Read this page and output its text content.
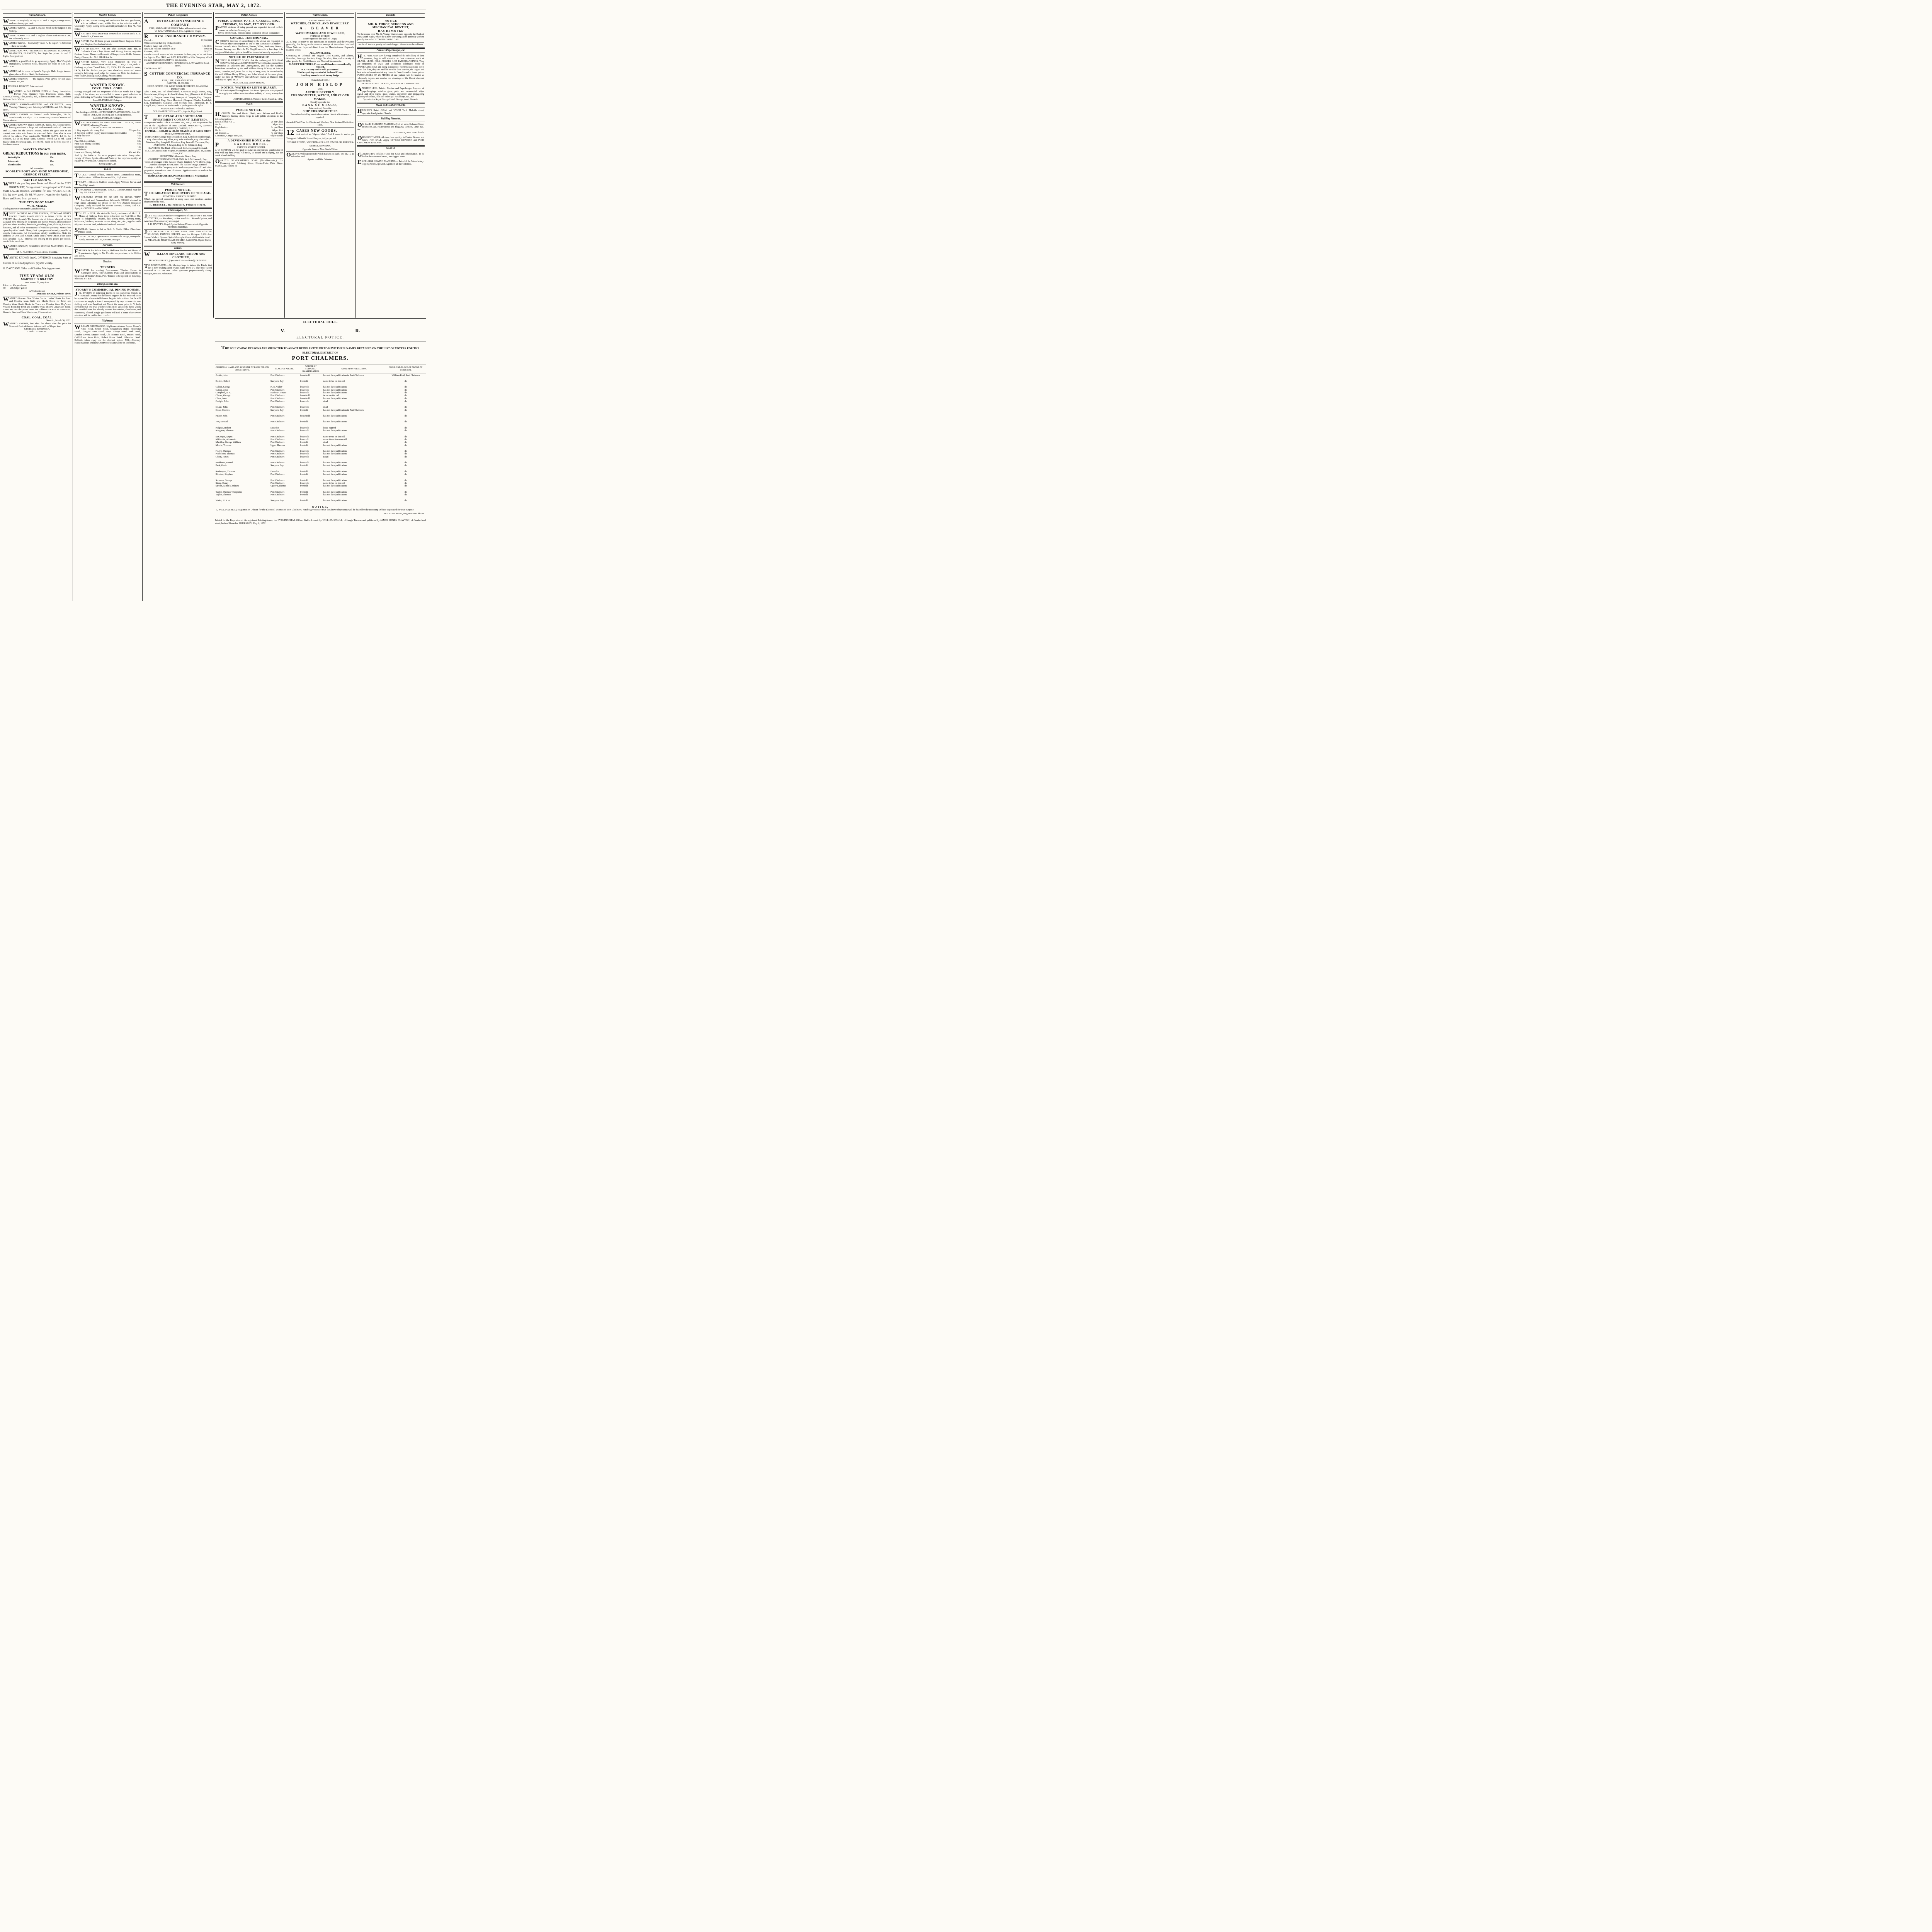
THE EVENING STAR, MAY 2, 1872.
Wanted Known.

WANTED Everybody to Buy at A. and T. Inglis, George street, and save twenty per cent.

WANTED Known.—A. and T. Inglis's Stock is the largest in the Colony.

WANTED Known.—A. and T. Inglis's Elastic Side Boots at 20s, are universally worn.

WANTED Known.—Everybody wears A. T. Inglis's 4s 6d Shoes—their own make.

WANTED KNOWN.—BLANKETS, BLANKETS, BLANKETS, BLANKETS, BLANKETS; last Septe ber prices. A. and T. Inglis, George street.

WANTED, a good Cook to go up country. Apply, Mrs Wingfield Humphreys, Criterion Hotel, between the hours of 9.30 a.m., and 11 a.m.

WANTED All to come to Lyons's Olympic Hall. Songs, dances, glees, duetts. Union Hotel, Stafford-street.

WANTED KNOWN. — The highest Price given for old Lead, Pewter, &c, &c.

HUGHES & HARVEY, Princes-street.

WANTED to Sell DRAIN PIPES of Every description, Flower Pots, Chimney Tops, Fountains, Vases, Butts, Crocks, Flooring Tiles, Bricks, &c., at lowest current rates. Lambert's Water of Leith Works.

WANTED KNOWN.—MUFFINS and CRUMPETS, every Tuesday, Thursday, and Saturday. MORRELL and CO., George street.

WANTED KNOWN. — Colonial made Watertights, 16s 6d; Scotch made, 13s 6d; at GEO. HARRIS'S, corner of Princes and Manse streets.

WANTED KNOWN that E. STOKES, Tailor, &c., George street, having purchased a large and well-assorted stock of TWEEDS and CLOTHS for the present season, before the great rise in the market, can make suits lower in price and better than what is now offered by others. Fine serviceable TWEED SUITS, L3 0s 0d; Trousers, L1 0s 0d. Boys' Suits, Colonial Tweed, L1 5s 0d. Super Black Cloth, Mourning Suits, L4 10s 0d., made in the best style in a few hours notice.

WANTED KNOWN.

GREAT REDUCTIONS in our own make.

Watertights	20s.
Balmorals	20s.
Elastic Sides	20s.

All warranted.

SCOBLE'S BOOT AND SHOE WAREHOUSE, GEORGE STREET.

WANTED KNOWN.

WHERE do you Buy your Boots and Shoes? At the CITY BOOT MART, George street: I can get a pair of Colonial-Made LACED BOOTS, warranted for 15s; WATERTIGHTS, 15s 6d; very good, 17s 6d. Whatever I want for the Family in Boots and Shoes, I can get best at

THE CITY BOOT MART.

W. H. NEALE.

The big Hammer constantly Manufacturing.

MONEY! MONEY! WANTED KNOWN, LYONS and HART'S UNCLE TOM'S PAWN OFFICE is NOW OPEN, FLEET STREET, (late Arcade). The lowest rate of interest charged in New Zealand: One Shilling in the pound per month. Money advanced upon gold and silver watches, diamonds, jewellery, plate, clothing, furniture, firearms, and all other descriptions of valuable property. Money lent upon deposit of deeds. Money lent upon personal security payable by weekly instalments. All transactions strictly confidential. Note the address: LYONS and HARTS Uncle Tom's Pawn Office, Fleet street (late Arcade)—N.B.—Interest one shilling in the pound per month, one half the usual rate.

WANTED KNOWN, SINGER'S SEWING MACHINES. Prices reduced.

M. A. ALDRICH, Princes-street, Dunedin.

WANTED KNOWN that G. DAVIDSON is making Suits of Clothes on deferred payments, payable weekly.

G. DAVIDSON, Tailor and Clothier, Maclaggan street.

FIVE YEARS OLD!

MARTELL'S BRANDY

Five Years Old, very fine.

Price - - - 48s per dozen.

Or - - - 22s 6d per gallon

A Trial solicited,

ROBERT BANKS, Princes-street.

WANTED Known. New Winter Goods. Ladies' Boots for Town and Country wear. Girl's and Maid's Boots for Town and Country Wear. Gent's Boots for Town and Country Wear. Boy's and Youth's Boots for Town and Country Wear. Miner's Long Gum Boots. Come and see the prices Note the Address:—JOHN M'ANDRESS, Dunedin Boot and Shoe Warehouse, Princes-street.

COAL. COAL. COAL.

Dunedin, March 30, 1872.

WANTED KNOWN, that after the above date the price for Screened Coal, delivered in town, will be 50s per ton.

GEORGE S. BRODRICK.

J. and D. FINDLAY.

Wanted Known.

WANTED, Private Sitting and Bedrooms for Two gentlemen, with or without board, within five or ten minutes walk of University. Apply, stating terms and full particulars to Box 75, Post Office

WANTED to rent a Dairy near town with or without stock. S. R. Post office, Caversham.

WANTED, Two 10 horse-power portable Steam Engines. Gibbs and Clayton, Cumberland street.

WANTED KNOWN.—On and after Monday, April 8th, at Graham's Clear Chop House and Dining Rooms, opposite Custom House, Dinners will consist of Soups, Joints, Grills, Entrees, Pastry, Cheese, &c. ALL MEALS at 1s.

WANTED Known.—Very Great Reduction in price of Garments. Bannockburn Tweed Suits, L2 10s, L2 15s, and L3. Geelong very best Tweed Suits, L3, L3 5s, L3 10s; made to order, L4 5s, L4 10s. Before you purchase elsewhere, come and see—seeing is believing—and judge for yourselves. Note the Address—Free Trade Clothing Mart, Cutting, Princes-street.

JOHN GALLAGHER.

WANTED KNOWN.

COKE. COKE. COKE.

Having arranged with the Proprietor of the Gas Works for a large supply of the above, we are enabled to make a great reduction in price, delivering in Town for Household Purposes at 40s per ton.

J. and D. FINDLAY, Octagon.

WANTED KNOWN.

COAL. COAL. COAL.

Just landing, ex P.C.E., 400 TONS NEWCASTLE COAL. Also 12 tons of COKE, for smelting and malting purposes.

J. and D. FINDLAY, Octagon.

WANTED KNOWN, the WINE AND SPIRIT VAULTS, HIGH STREET, adjoining Theatre.

GOOD CHEAP GENUINE WINES.

1. Very superior old tawny Port	72s per doz.
2. Superior old Port (highly recommended for invalids)	60s
3. Very fine Port	42s
4. Ditto	30s
Fine Old Amontillado	84s
First-class Sherry (old dry)	60s
Second do do	42s
Third do do	30s
Lorne and Glenury Whisky	42s and 48s.

And by the bottle at the same proportionate rates. Every other variety of Wines, Spirits, Ales and Porter of the very best quality, at equally LOW PRICES. Competition defied.

JOHN SIBBALD.

To Let.

TO LET.—Central Offices, Princes street. Commodious Store, Walker street. William Brown and Co., High street.

TO LET.—Offices in Stafford street. Apply William Brown and Co., High street.

TO MARKET GARDENERS. TO LET, Garden Ground, near the City. GILLIES & STREET.

WHOLESALE STORE TO BE LET ON LEASE. THAT Excellent and Commodious Wholesale STORE situated in High street, adjoining the offices of the New Zealand Insurance Company, lately occupied by Messrs Service, Gibson, and Co. Apply to CONNELL and MOODIE.

TO LET or SELL, the desirable Family residence of Mr H. P. Morse, at Halfway Bush, three miles from the Post Office. The house is delightfully situated, has dining-room, drawing-room, bedrooms, kitchens, servants rooms, dairy, &c., &c., together with fifty-two acres of land, subdivided and well watered.

SEVERAL Houses to Let or Sell. E. Quick, Eldon Chambers, Princes street.

TO SELL, or Let, a Quarter-acre Section and Cottage, Sunnyside. Apply, Peterson and Co., Grocers, Octagon.

For Sale.

FREEHOLD, for Sale at Roslyn, Half-acre Garden and Home of 5 apartments. Apply to Mr Christie, on premises, or to Gillies and Street.

Tenders.

TENDERS

WANTED for erecting Four-roomed Wooden House in Harrington-street, Port Chalmers. Plans and specifications to be seen at Mr Kettle's Store, Port. Tenders to be opened on Saturday, 4th May, at 7 p.m.

Dining Rooms, &c.

STORRY'S COMMERCIAL DINING ROOMS.

J.N. STORRY in returning thanks to his numerous friends in Town and Country for the liberal support he has received since he opened the above establishment begs to inform them that he still continues to supply a Lunch unsurpassed by any in town for one shilling, and also Breakfast and Tea at the same price. J. N. feels confident that one trial will be sufficient to uphold the fame which this Establishment has already attained for comfort, cleanliness, and superiority of food. Single gentlemen will find a home where every attention will be paid to their comfort.

Nightmen.

WILLIAM GREENWOOD, Nightman. Address Boxes: Queen's Arms Hotel, Union Hotel, Craigieburn Hotel, Provincial Hotel, Glasgow Arms Hotel, Royal George Hotel, York Hotel, London Tavern, Empire Hotel, Old Identity Hotel, Sussex Hotel, Oddfellows' Arms Hotel, Robert Burns Hotel, Hibernian Hotel. Rubbish taken away on the shortest notice. N.B.—Chimney sweeping done. William Greenwood's name alone on the boxes.

Public Companies

AUSTRALASIAN INSURANCE COMPANY.

FIRE, AND MARINE RISKS Taken at lowest current rates.

W. & G. TURNBULL & CO., Agents for Otago.

ROYAL INSURANCE COMPANY.

Capital ...	£2,000,000
With unlimited liability of shareholders.	
Funds in hand, end of 1870 ...	1,924,041
New Life Policies issued in 1870	600,548
Revenue, 1870 ...	783,771

See the Annual Report of the Directors for last year, to be had from the Agents. The FIRE and LIFE POLICIES of this Company afford the most Perfect SECURITY to the Assured.

AGENTS FOR DUNEDIN: HENDERSON, LAW and CO. Bond-street.

23rd October, 1871.

SCOTTISH COMMERCIAL INSURANCE CO.

FIRE, LIFE, AND ANNUITIES.

CAPITAL, £1,000,000.

HEAD OFFICE: 133, WEST GEORGE STREET, GLASGOW.

DIRECTORS:

Alex. Crum, Esq., of Thornliebank, Chairman. Hugh Brown, Esq., Manufacturer, Glasgow. Richard Kidston, Esq., (Messrs A. G. Kidston and Co.), Glasgow. James King, Younger, of Campsie, Esq., Glasgow. James Kirkland, Esq., Corn Merchant, Glasgow. Charles Randolph, Esq., Shipbuilder, Glasgow. John Moffatt, Esq., Ardrossan. D. S. Cargill, Esq. (Messrs W. Milne and Co.) Glasgow and Ceylon.

MANAGER: Frederick J. Hallows.

WILLIAM BROWN and CO., Agents, High Street.

THE OTAGO AND SOUTHLAND INVESTMENT COMPANY (LIMITED).

Incorporated under "The Companies Act, 1862," and empowered by Act of the Legislature of New Zealand. OFFICES—5, ADAMS COURT, OLD BROAD STREET, LONDON, E.C.

CAPITAL:— £500,000 in 100,000 SHARES of £5 EACH, FIRST ISSUE, 50,000 SHARES.

DIRECTORS: George Hay Donaldson, Esq. S. Bolton Edenborough, Esq. Alexander Lang Elder, Esq. John Harbottle, Esq. Alexander Morrison, Esq. Joseph R. Morrison, Esq. James D. Thomson, Esq.

AUDITORS: J. Sawyer, Esq. C. H. Robinson, Esq.

BANKERS: The Bank of Scotland, for London and Scotland.

SOLICITORS: Messrs Hughes, Masterman, and Hughes, 26, Austin Friars, E.C.

SECRETARY: Alexander Grace, Esq.

COMMITTEE IN NEW ZEALAND: W. J. M. Larnach, Esq., Colonial Manager of the Bank of Otago, Limited. A. W. Morris, Esq., Dunedin Manager. BANKERS: The Bank of Otago, Limited.

The objects of this Company are to lend money on Freehold and other properties, at moderate rates of interest. Applications to be made at the Company's office,

TEMPLE CHAMBERS, PRINCES STREET, Next Bank of Otago.

Hairdressers.

PUBLIC NOTICE.

THE GREATEST DISCOVERY OF THE AGE.

EGYPTIAN HAIR COLOURING.

Which has proved successful in every case. Just received another shipment by the mail.

F. BEISSEL, Hairdresser, Princes street.

Fishmongers, &c.

JUST RECEIVED another consignment of STEWART'S ISLAND OYSTERS, ex Stormbird, in fine condition. Stewed Oysters, and American Crackers every evening at

J. H. JEWITT'S, Royal Oyster Saloon, Princes street, Opposite Provincial Buildings.

JUST RECEIVED ex STORM BIRD. FISH AND OYSTER SALOONS, PRINCES STREET, near the Octagon. 1,200 doz. Stewart's Island Oysters. Splendid sample. Game of all sorts in hand.

A. MELVILLE, FIRST CLASS OYSTER SALOONS. Oyster Stews every evening.

Tailors.

WILLIAM SINCLAIR, TAILOR AND CLOTHIER,

PRINCES STREET, (Opposite Criterion Hotel,) DUNEDIN.

TO ECONOMISTS.—N. Macleay begs to inform the Public that he is now making good Tweed Suits from L4. The best Tweed imported at L5 per suit. Other garments proportionately cheap. Octagon, next the Athenæum.

Public Notices.

PUBLIC DINNER TO E. B. CARGILL, ESQ., TUESDAY, 7th MAY, AT 7 O'CLOCK.

PARTIES desirous of being present, are requested to send in their names on or before Saturday, to

JOHN MITCHELL, Princes street, Convener of Sub-Committee.

CARGILL TESTIMONIAL.

CITIZENS desirous of subscribing to the above are requested to forward their subscription to any of the Committee as under:— Messrs Larnach, Wain, Mackerras, Barnes, Wales, Anderson, Stewart, Mercer, Ramsay, and Fish. As Mr Cargill leaves in a few days it is suggested that subscriptions should be forwarded as early as possible.

NOTICE OF PARTNERSHIP.

NOTICE IS HEREBY GIVEN that the undersigned WILLIAM HENRY M'KEAY, and JOHN MOUAT have this day entered into Partnership as Solicitors and Conveyancers, and that the business heretofore carried on by the said William Henry M'Keay, at Princes street, Dunedin, will, from the 1st day of May, next, be carried on by the said William Henry M'Keay, and John Mouat, at the same place, under the firm of "M'KEAY and MOUAT." Dated at Dunedin this 30th day of April, 1872.

W. H. M'KEAY. JOHN MOUAT.

NOTICE. WATER OF LEITH QUARRY.

THE Undersigned having leased the above Quarry is now prepared to supply the Public with first-class Rubble, all sizes, at very low rates.

JOHN HASTINGS, Water of Leith, March 2, 1872.

Hotels

PUBLIC NOTICE.

H.COHEN, Star and Garter Hotel, next Wilson and Birch's Brewery Rattray street, begs to call public attention to the following prices:—

Best Colonial Ale ...	2d per Glass
Do do ...	3d per Pint
English do ...	3d per Glass
Do do ...	6d per Pint
All Liquors ...	4d per Glass
Lemonade, Ginger Beer, &c.	4d per Bottle

A DEVONSHIRE HOME at the

PEACOCK HOTEL,

PRINCES STREET SOUTH.

J. W. COTTON will be glad to make his old friends comfortable if they will pay him a visit. All meals, 1s. Board and Lodging, 20s per week. Good stabling.

OAKEY'S SILVERSMITH'S SOAP (Non-Mercurial,) For Cleansing and Polishing Silver, Electro-Plate, Plate Glass, Marble, &c. Tablets 6d

Watchmakers.

ESTABLISHED 1858.

WATCHES, CLOCKS, AND JEWELLERY.

A. BEAVER

WATCHMAKER AND JEWELLER,

PRINCES STREET,

Nearly opposite the Bank of Otago,

A. B. begs to notify to the inhabitants of Dunedin and the Province generally, that being in the constant receipt of First-class Gold and Silver Watches, Imported direct from the Manufacturers, Expressly Made to Order.

Also, JEWELLERY,

Consisting of Colonial and English Gold Guards, and Alberts, Brooches, Ear-rings, Lockets, Rings, Necklets, Pins, and a variety of other goods, &c. Field Glasses, and Nautical Instruments.

To MEET THE TIMES, Prices on all Goods are considerably reduced.

N.B.—Every article sold guaranteed.

Watch repairing executed at Reduced Prices.

Jewellery manufactured to any design.

[Established 1856.]

JOHN HISLOP

LATE

ARTHUR BEVERLY,

CHRONOMETER, WATCH, AND CLOCK MAKER,

Exactly opposite the

BANK OF OTAGO,

Princes street, Dunedin,

SHIP CHRONOMETERS

Cleaned and rated by transit observations. Nautical Instruments repaired.

Awarded First Prize for Clocks and Watches, New Zealand Exhibition, 1865.

12 CASES NEW GOODS,

Just arrived ex "Agnes Muir," And 4 cases to arrive per "Margaret Galbraith" from Glasgow, daily expected.

GEORGE YOUNG, WATCHMAKER AND JEWELLER, PRINCES-STREET, DUNEDIN.

Opposite Bank of New South Wales.

OAKEY'S Wellington Knife Polish Packets 3d each; tins 6d, 1s, 2s 6d and 4s each.

Agents in all the Colonies.

Dentists.

NOTICE

MR. B. THROP, SURGEON AND MECHANICAL DENTIST,

HAS REMOVED

To the rooms over Mr. G. Young, Watchmaker, opposite the Bank of New South Wales, where he is now extracting Teeth perfectly without pain by the aid of NITROUS OXIDE GAS.

Artificial Teeth at greatly reduced charges. Please Note the Address.

Painters Paperhanger, etc.

H.S. FISH AND SON having completed the rebuilding of their premises, beg to call attention to their extensive stock of GLASS, LEAD, OILS, COLORS AND PAPERHANGINGS. They are Importers of Wylie and Lochheads celebrated make of PAPERHANGINGS and being in receipt of monthly shipments direct from that firm, they are enabled to offer their patrons, the largest and best selected assortment of any house in Dunedin and at lower prices. PURCHASERS OF 25 PIECES of one pattern will be treated as wholesale buyers, and receive the advantage of the liberal discount made to them.

PRINCES STREET SOUTH, WHOLESALE AND RETAIL.

ANDREW LEES, Painter, Glazier, and Paperhanger, Importer of paperhangings, window glass, plain and ornamental, ships' signal and deck lights, glass shades, cucumber and propagating glasses; white lead, oils and colors gilt mouldings, &c., &c.

Opposite the Royal George Hotel. George street, Dunedin.

Wood and Coal Merchants.

HUGHES'S Retail COAL and WOOD Yard, Melville street, opposite Presbyterian Church.

Building Material.

ON SALE, BUILDING MATERIALS of all sorts, Kakanui Stone, Bluestone, &c. Hearthstones and Flagging, Cement, Lime, &c., &c.

D. HUNTER, New First Church.

OREGON TIMBER, all sizes, best quality, in Planks, Beams, and Spars, FOR SALE. Apply OFFICES DUNEDIN and PORT CHALMERS RAILWAY.

Medical.

GALBIATTI'S Infallible Cure for Gout and Rheumatism, to be had at the Universal Hotel, Maclaggan street.

EXCELSIOR SEWING MACHINE.— Price L6 6s. Manufactory: Gipping Works, Ipswich. Agents in all the Colonies.

ELECTORAL ROLL.
V.	R.
ELECTORAL NOTICE.
THE FOLLOWING PERSONS ARE OBJECTED TO AS NOT BEING ENTITLED TO HAVE THEIR NAMES RETAINED ON THE LIST OF VOTERS FOR THE ELECTORAL DISTRICT OF
PORT CHALMERS.
CHRISTIAN NAME AND SURNAME OF EACH PERSON OBJECTED TO.	PLACE OF ABODE.	NATURE OF SUPPOSED QUALIFICATION.	GROUND OF OBJECTION.	NAME AND PLACE OF ABODE OF OBJECTOR.
Austin, John	Port Chalmers	household	has not the qualification in Port Chalmers	William Reid, Port Chalmers

Bolton, Robert	Sawyer's Bay	freehold	name twice on the roll	do

Calder, George	N. E. Valley	leasehold	has not the qualification	do
Calder, John	Port Chalmers	leasehold	has not the qualification	do
Campbell, A. C.	Harbour Terrace	leasehold	has not the qualification	do
Clarke, George	Port Chalmers	household	twice on the roll	do
Clark, Isaac	Port Chalmers	household	has not the qualification	do
Craigie, John	Port Chalmers	leasehold	dead	do

Deans, John	Port Chalmers	leasehold	dead	do
Duke, Charles	Sawyer's Bay	freehold	has not the qualification in Port Chalmers	do

Fisher, John	Port Chalmers	household	has not the qualification	do

Jew, Samuel	Port Chalmers	freehold	has not the qualification	do

Kilgour, Robert	Dunedin	leasehold	lease expired	do
Kingston, Thomas	Port Chalmers	leasehold	has not the qualification	do

M'Gregor, Angus	Port Chalmers	leasehold	name twice on the roll	do
M'Kenzie, Alexander	Port Chalmers	leasehold	name three times on roll	do
Mackley, George William	Port Chalmers	freehold	dead	do
Morris, Thomas	Upper Harbour	freehold	has not the qualification	do

Neave, Thomas	Port Chalmers	leasehold	has not the qualification	do
Nicholson, Thomas	Port Chalmers	leasehold	has not the qualification	do
Olson, James	Port Chalmers	leasehold	Dead	do

Parkhurst, Daniel	Port Chalmers	leasehold	has not the qualification	do
Park, Gavin	Sawyer's Bay	freehold	has not the qualification	do

Redmayne, Thomas	Dunedin	freehold	has not the qualification	do
Riordan, Stephen	Port Chalmers	freehold	has not the qualification	do

Scoones, George	Port Chalmers	freehold	has not the qualification	do
Stone, Henry	Port Chalmers	leasehold	name twice on the roll	do
Strode, Alfred Chetham	Upper Kaikorai	freehold	has not the qualification	do

Taylor, Thomas Theophilus	Port Chalmers	freehold	has not the qualification	do
Taylor, Thomas	Port Chalmers	freehold	has not the qualification	do

Wales, N. Y. A.	Sawyer's Bay	freehold	has not the qualification	do

NOTICE.

I, WILLIAM REID, Registration Officer for the Electoral District of Port Chalmers, hereby give notice that the above objections will be heard by the Revising Officer appointed for that purpose.

WILLIAM REID, Registration Officer.

Printed for the Proprietor, at his registered Printing-house, the EVENING STAR Office, Stafford street, by WILLIAM COULL, of Laug's Terrace, and published by JAMES HENRY CLAYTON, of Cumberland street, both of Dunedin. THURSDAY, May 2, 1872
